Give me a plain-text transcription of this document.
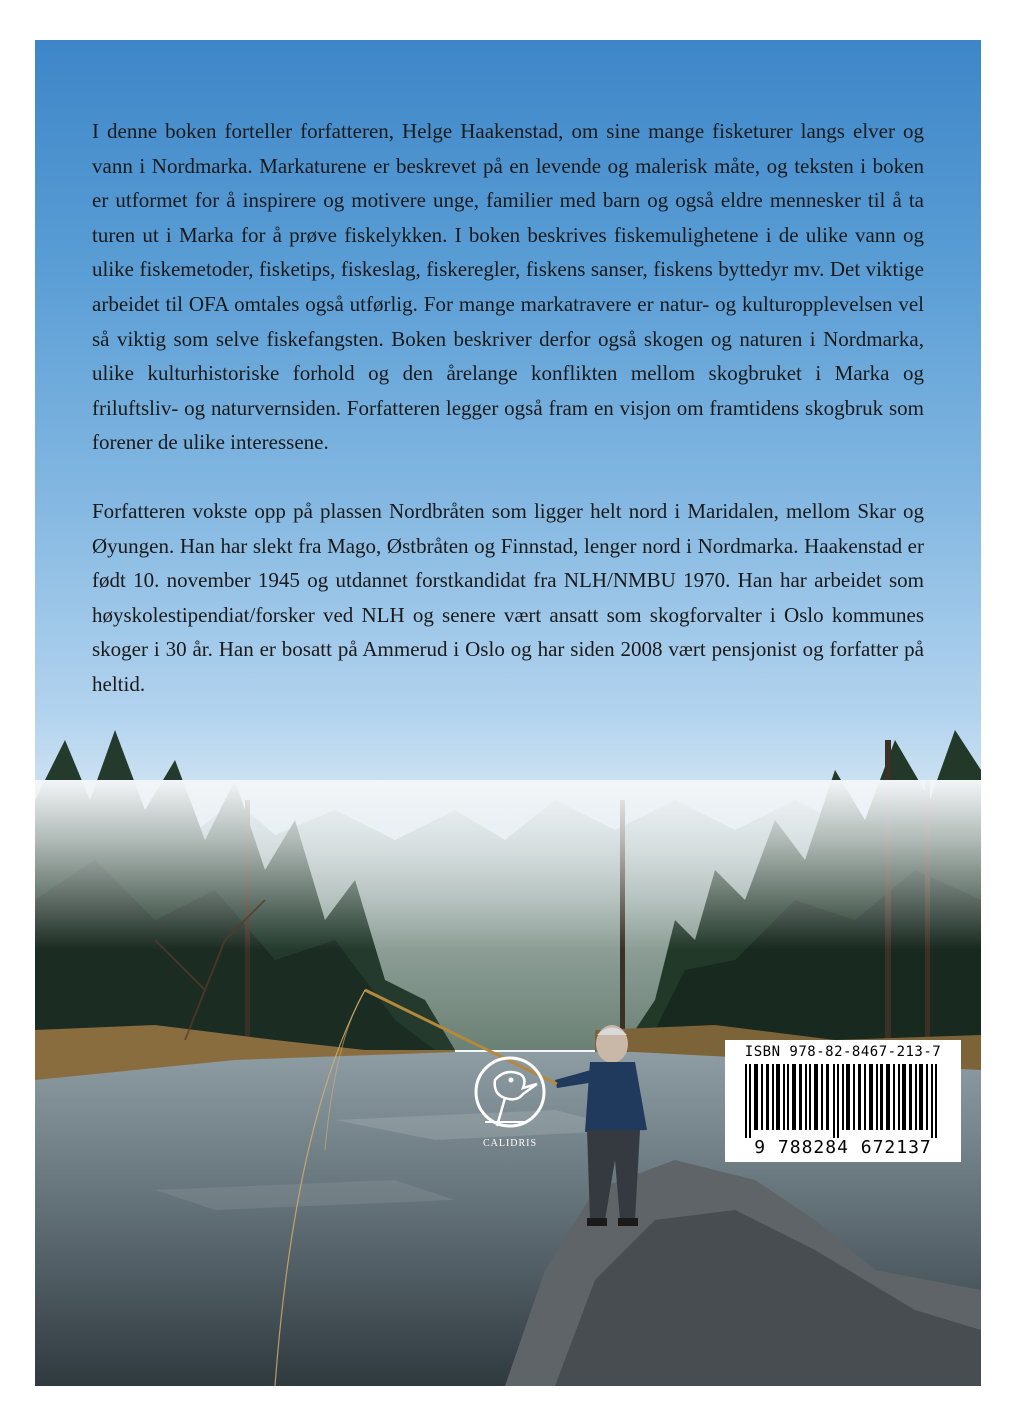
I denne boken forteller forfatteren, Helge Haakenstad, om sine mange fisketurer langs elver og vann i Nordmarka. Markaturene er beskrevet på en levende og malerisk måte, og teksten i boken er utformet for å inspirere og motivere unge, familier med barn og også eldre mennesker til å ta turen ut i Marka for å prøve fiskelykken. I boken beskrives fiskemulighetene i de ulike vann og ulike fiskemetoder, fisketips, fiskeslag, fiskeregler, fiskens sanser, fiskens byttedyr mv. Det viktige arbeidet til OFA omtales også utførlig. For mange markatravere er natur- og kulturopplevelsen vel så viktig som selve fiskefangsten. Boken beskriver derfor også skogen og naturen i Nordmarka, ulike kulturhistoriske forhold og den årelange konflikten mellom skogbruket i Marka og friluftsliv- og naturvernsiden. Forfatteren legger også fram en visjon om framtidens skogbruk som forener de ulike interessene.

Forfatteren vokste opp på plassen Nordbråten som ligger helt nord i Maridalen, mellom Skar og Øyungen. Han har slekt fra Mago, Østbråten og Finnstad, lenger nord i Nordmarka. Haakenstad er født 10. november 1945 og utdannet forstkandidat fra NLH/NMBU 1970. Han har arbeidet som høyskolestipendiat/forsker ved NLH og senere vært ansatt som skogforvalter i Oslo kommunes skoger i 30 år. Han er bosatt på Ammerud i Oslo og har siden 2008 vært pensjonist og forfatter på heltid.

CALIDRIS
ISBN 978-82-8467-213-7
9 788284 672137
